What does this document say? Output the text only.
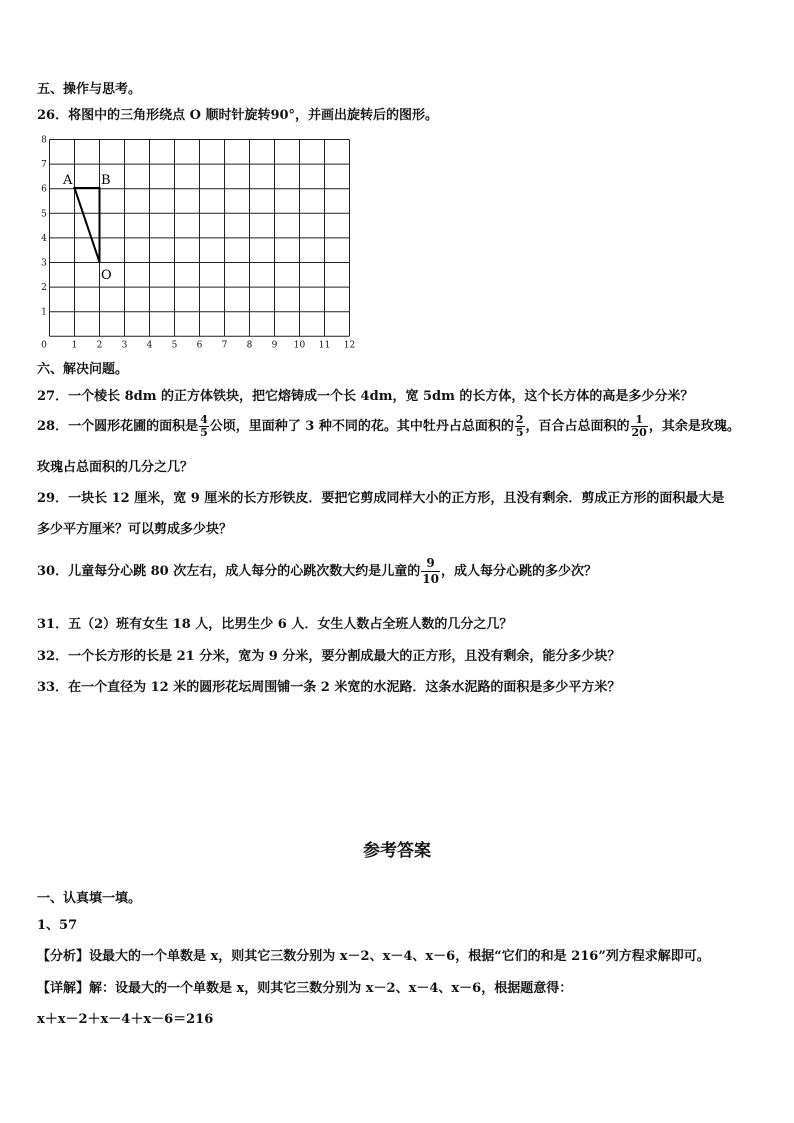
五、操作与思考。
26．将图中的三角形绕点 O 顺时针旋转90°，并画出旋转后的图形。
0	1 2 3 4 5 6 7 8 9 10 11 12
1
2
3
4
5
6
7
8
A B
O
六、解决问题。
27．一个棱长 8dm 的正方体铁块，把它熔铸成一个长 4dm，宽 5dm 的长方体，这个长方体的高是多少分米？
28．一个圆形花圃的面积是 $\frac{4}{5}$ 公顷，里面种了 3 种不同的花。其中牡丹占总面积的 $\frac{2}{5}$ ，百合占总面积的 $\frac{1}{20}$ ，其余是玫瑰。
玫瑰占总面积的几分之几？
29．一块长 12 厘米，宽 9 厘米的长方形铁皮．要把它剪成同样大小的正方形，且没有剩余．剪成正方形的面积最大是
多少平方厘米？可以剪成多少块？
30．儿童每分心跳 80 次左右，成人每分的心跳次数大约是儿童的 $\frac{9}{10}$ ，成人每分心跳的多少次？
31．五（2）班有女生 18 人，比男生少 6 人．女生人数占全班人数的几分之几？
32．一个长方形的长是 21 分米，宽为 9 分米，要分割成最大的正方形，且没有剩余，能分多少块？
33．在一个直径为 12 米的圆形花坛周围铺一条 2 米宽的水泥路．这条水泥路的面积是多少平方米？
参考答案
一、认真填一填。
1、57
【分析】设最大的一个单数是 x，则其它三数分别为 x－2、x－4、x－6，根据“它们的和是 216”列方程求解即可。
【详解】解：设最大的一个单数是 x，则其它三数分别为 x－2、x－4、x－6，根据题意得：
x＋x－2＋x－4＋x－6＝216
